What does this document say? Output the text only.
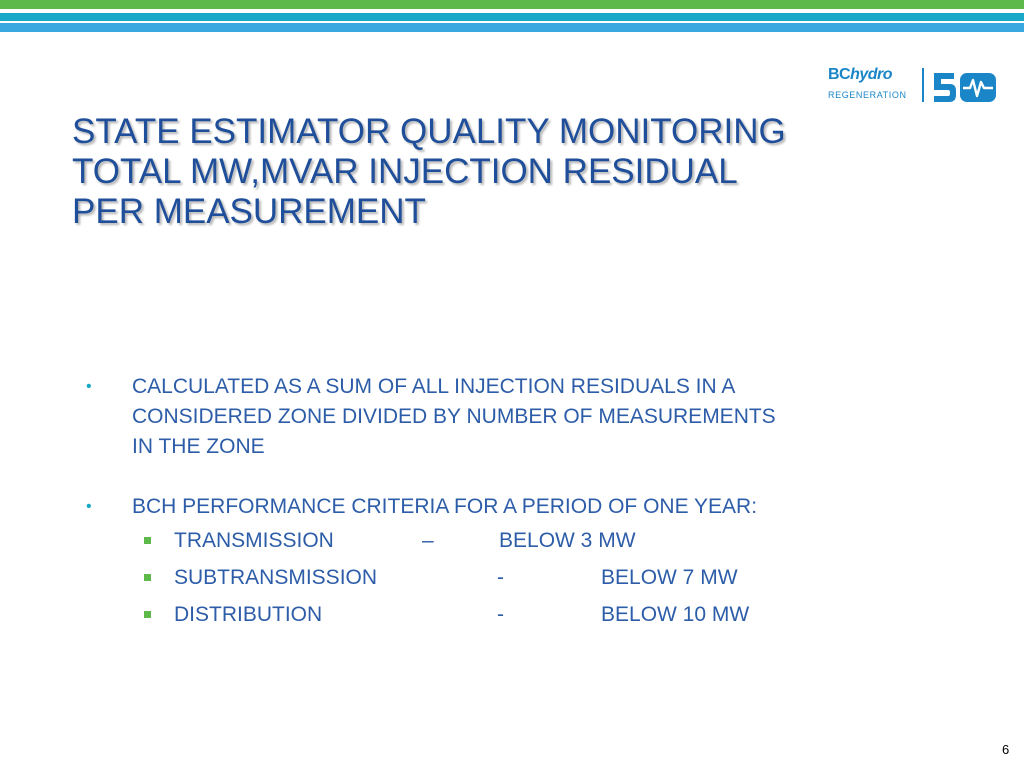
BChydro
REGENERATION
STATE ESTIMATOR QUALITY MONITORING
TOTAL MW,MVAR INJECTION RESIDUAL
PER MEASUREMENT
•	CALCULATED AS A SUM OF ALL INJECTION RESIDUALS IN A
CONSIDERED ZONE DIVIDED BY NUMBER OF MEASUREMENTS
IN THE ZONE
•	BCH PERFORMANCE CRITERIA FOR A PERIOD OF ONE YEAR:
TRANSMISSION	–	BELOW 3 MW
SUBTRANSMISSION	-	BELOW 7 MW
DISTRIBUTION	-	BELOW 10 MW
6
